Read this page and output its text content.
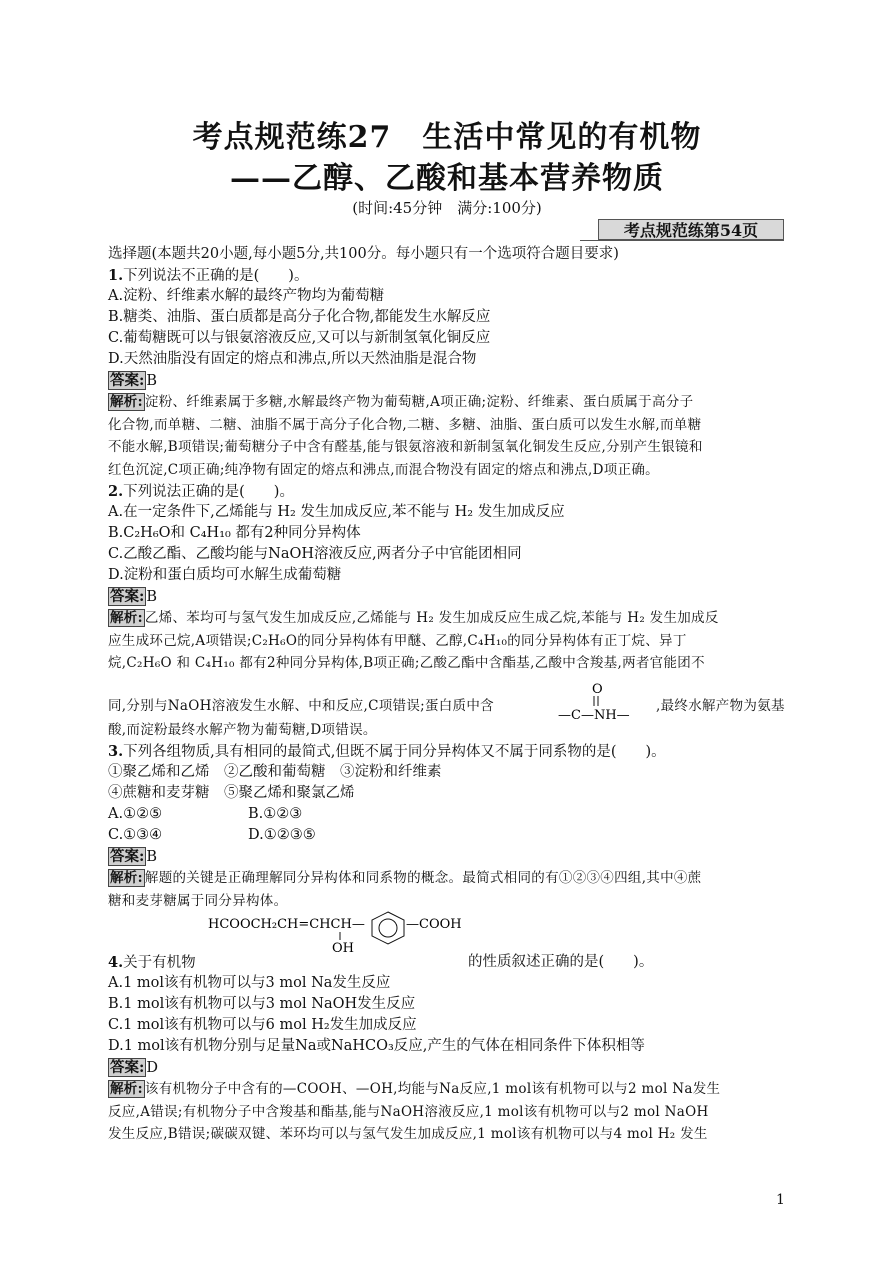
考点规范练27　生活中常见的有机物
——乙醇、乙酸和基本营养物质
(时间:45分钟　满分:100分)
考点规范练第54页
选择题(本题共20小题,每小题5分,共100分。每小题只有一个选项符合题目要求)
1.下列说法不正确的是(　　)。
A.淀粉、纤维素水解的最终产物均为葡萄糖
B.糖类、油脂、蛋白质都是高分子化合物,都能发生水解反应
C.葡萄糖既可以与银氨溶液反应,又可以与新制氢氧化铜反应
D.天然油脂没有固定的熔点和沸点,所以天然油脂是混合物
答案: B
解析: 淀粉、纤维素属于多糖,水解最终产物为葡萄糖,A项正确;淀粉、纤维素、蛋白质属于高分子
化合物,而单糖、二糖、油脂不属于高分子化合物,二糖、多糖、油脂、蛋白质可以发生水解,而单糖
不能水解,B项错误;葡萄糖分子中含有醛基,能与银氨溶液和新制氢氧化铜发生反应,分别产生银镜和
红色沉淀,C项正确;纯净物有固定的熔点和沸点,而混合物没有固定的熔点和沸点,D项正确。
2.下列说法正确的是(　　)。
A.在一定条件下,乙烯能与 H₂ 发生加成反应,苯不能与 H₂ 发生加成反应
B.C₂H₆O和 C₄H₁₀ 都有2种同分异构体
C.乙酸乙酯、乙酸均能与NaOH溶液反应,两者分子中官能团相同
D.淀粉和蛋白质均可水解生成葡萄糖
答案: B
解析: 乙烯、苯均可与氢气发生加成反应,乙烯能与 H₂ 发生加成反应生成乙烷,苯能与 H₂ 发生加成反
应生成环己烷,A项错误;C₂H₆O的同分异构体有甲醚、乙醇,C₄H₁₀的同分异构体有正丁烷、异丁
烷,C₂H₆O 和 C₄H₁₀ 都有2种同分异构体,B项正确;乙酸乙酯中含酯基,乙酸中含羧基,两者官能团不
同,分别与NaOH溶液发生水解、中和反应,C项错误;蛋白质中含
O
—C—NH—
,最终水解产物为氨基
酸,而淀粉最终水解产物为葡萄糖,D项错误。
3.下列各组物质,具有相同的最简式,但既不属于同分异构体又不属于同系物的是(　　)。
①聚乙烯和乙烯　②乙酸和葡萄糖　③淀粉和纤维素
④蔗糖和麦芽糖　⑤聚乙烯和聚氯乙烯
A.①②⑤	B.①②③
C.①③④	D.①②③⑤
答案: B
解析: 解题的关键是正确理解同分异构体和同系物的概念。最简式相同的有①②③④四组,其中④蔗
糖和麦芽糖属于同分异构体。
HCOOCH₂CH=CHCH—	—COOH
OH
4.关于有机物	的性质叙述正确的是(　　)。
A.1 mol该有机物可以与3 mol Na发生反应
B.1 mol该有机物可以与3 mol NaOH发生反应
C.1 mol该有机物可以与6 mol H₂发生加成反应
D.1 mol该有机物分别与足量Na或NaHCO₃反应,产生的气体在相同条件下体积相等
答案: D
解析: 该有机物分子中含有的—COOH、—OH,均能与Na反应,1 mol该有机物可以与2 mol Na发生
反应,A错误;有机物分子中含羧基和酯基,能与NaOH溶液反应,1 mol该有机物可以与2 mol NaOH
发生反应,B错误;碳碳双键、苯环均可以与氢气发生加成反应,1 mol该有机物可以与4 mol H₂ 发生
1
